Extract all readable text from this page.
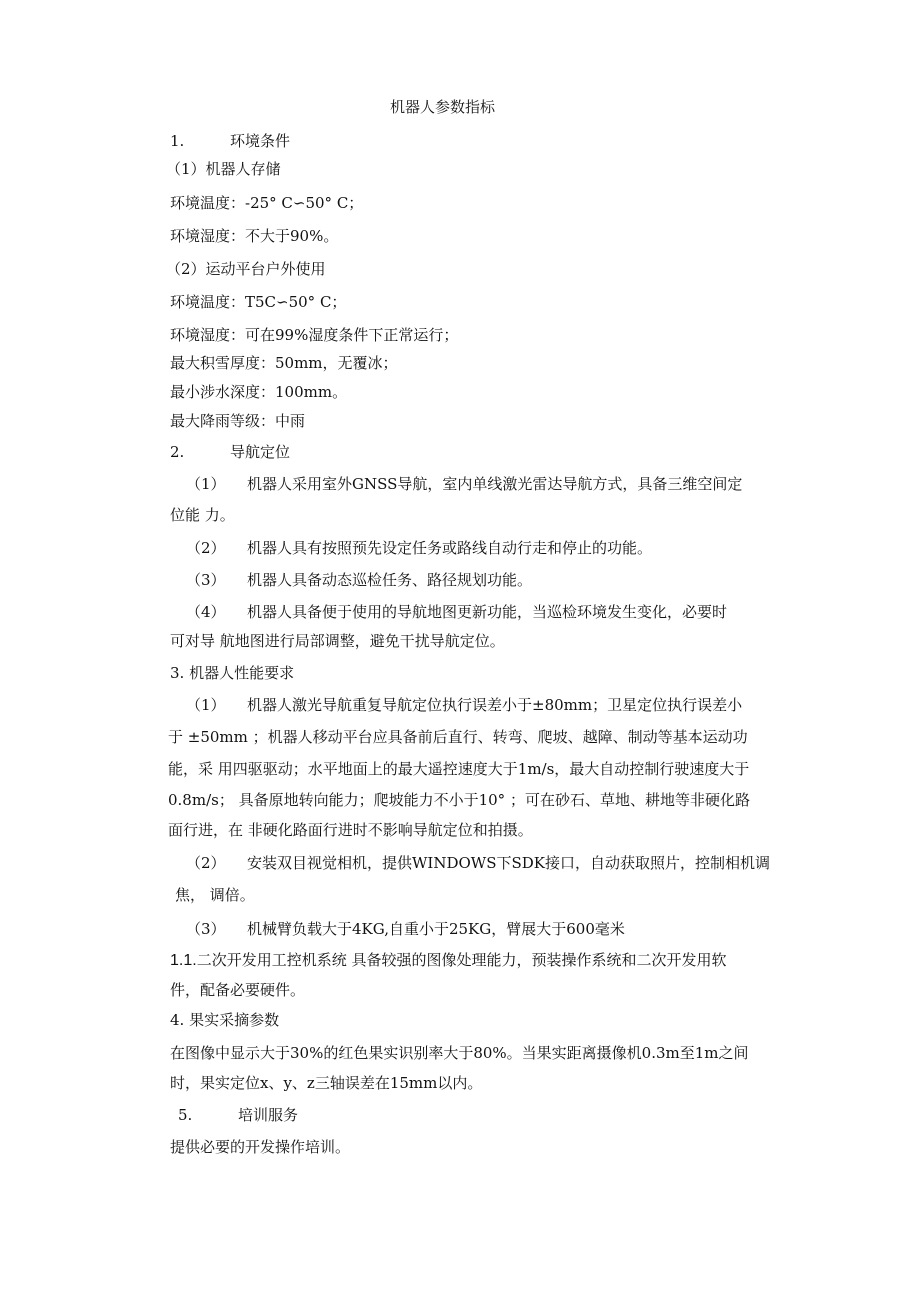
机器人参数指标
1.	环境条件
（1）机器人存储
环境温度：-25° C∽50° C；
环境湿度：不大于90%。
（2）运动平台户外使用
环境温度：T5C∽50° C；
环境湿度：可在99%湿度条件下正常运行；
最大积雪厚度：50mm，无覆冰；
最小涉水深度：100mm。
最大降雨等级：中雨
2.	导航定位
（1） 机器人采用室外GNSS导航，室内单线激光雷达导航方式，具备三维空间定
位能 力。
（2） 机器人具有按照预先设定任务或路线自动行走和停止的功能。
（3） 机器人具备动态巡检任务、路径规划功能。
（4） 机器人具备便于使用的导航地图更新功能，当巡检环境发生变化，必要时
可对导 航地图进行局部调整，避免干扰导航定位。
3. 机器人性能要求
（1） 机器人激光导航重复导航定位执行误差小于±80mm；卫星定位执行误差小
于 ±50mm ；机器人移动平台应具备前后直行、转弯、爬坡、越障、制动等基本运动功
能，采 用四驱驱动；水平地面上的最大遥控速度大于1m/s，最大自动控制行驶速度大于
0.8m/s； 具备原地转向能力；爬坡能力不小于10° ；可在砂石、草地、耕地等非硬化路
面行进，在 非硬化路面行进时不影响导航定位和拍摄。
（2） 安装双目视觉相机，提供WINDOWS下SDK接口，自动获取照片，控制相机调
焦， 调倍。
（3） 机械臂负载大于4KG,自重小于25KG，臂展大于600毫米
1.1.二次开发用工控机系统 具备较强的图像处理能力，预装操作系统和二次开发用软
件，配备必要硬件。
4. 果实采摘参数
在图像中显示大于30%的红色果实识别率大于80%。当果实距离摄像机0.3m至1m之间
时，果实定位x、y、z三轴误差在15mm以内。
5.	培训服务
提供必要的开发操作培训。
